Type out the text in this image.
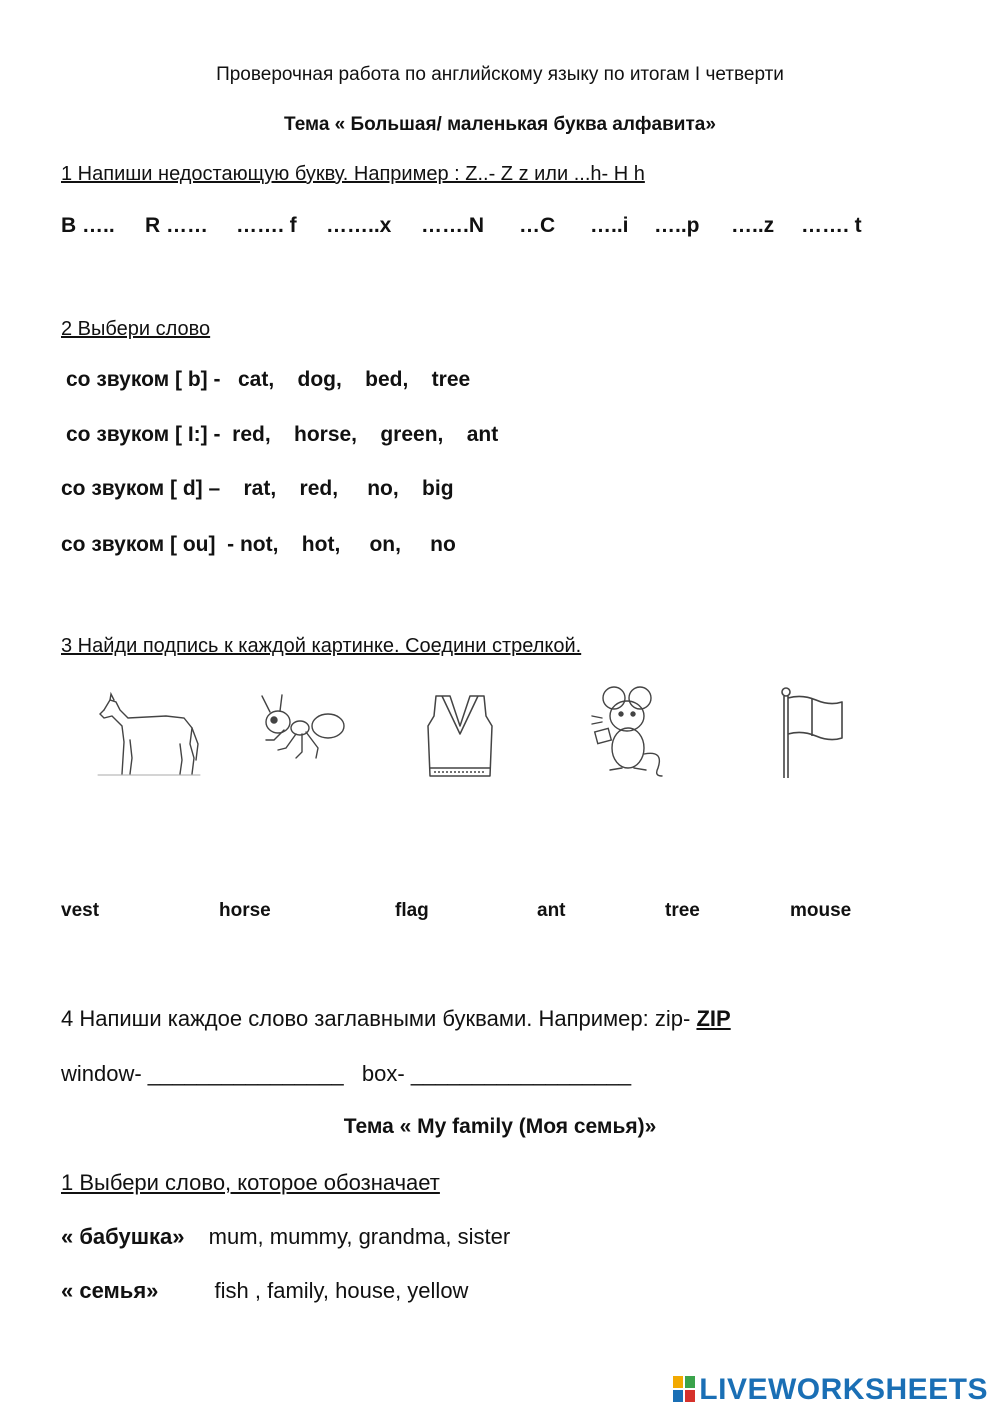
Проверочная работа по английскому языку по итогам I четверти
Тема « Большая/ маленькая буква алфавита»
1 Напиши недостающую букву. Например : Z..- Z z или ...h- H h
B ….. R …… ……. f ……..x …….N …C …..i …..p …..z ……. t
2 Выбери слово
со звуком [ b] -   cat,    dog,    bed,    tree
со звуком [ I:] -  red,    horse,    green,    ant
со звуком [ d] –    rat,    red,     no,    big
со звуком [ ou]  - not,    hot,     on,     no
3 Найди подпись к каждой картинке. Соедини стрелкой.
vest	horse	flag	ant	tree	mouse
4 Напиши каждое слово заглавными буквами. Например: zip- ZIP
window- ________________   box- __________________
Тема « My family (Моя семья)»
1 Выбери слово, которое обозначает
« бабушка» mum, mummy, grandma, sister
« семья»	fish , family, house, yellow
LIVEWORKSHEETS
